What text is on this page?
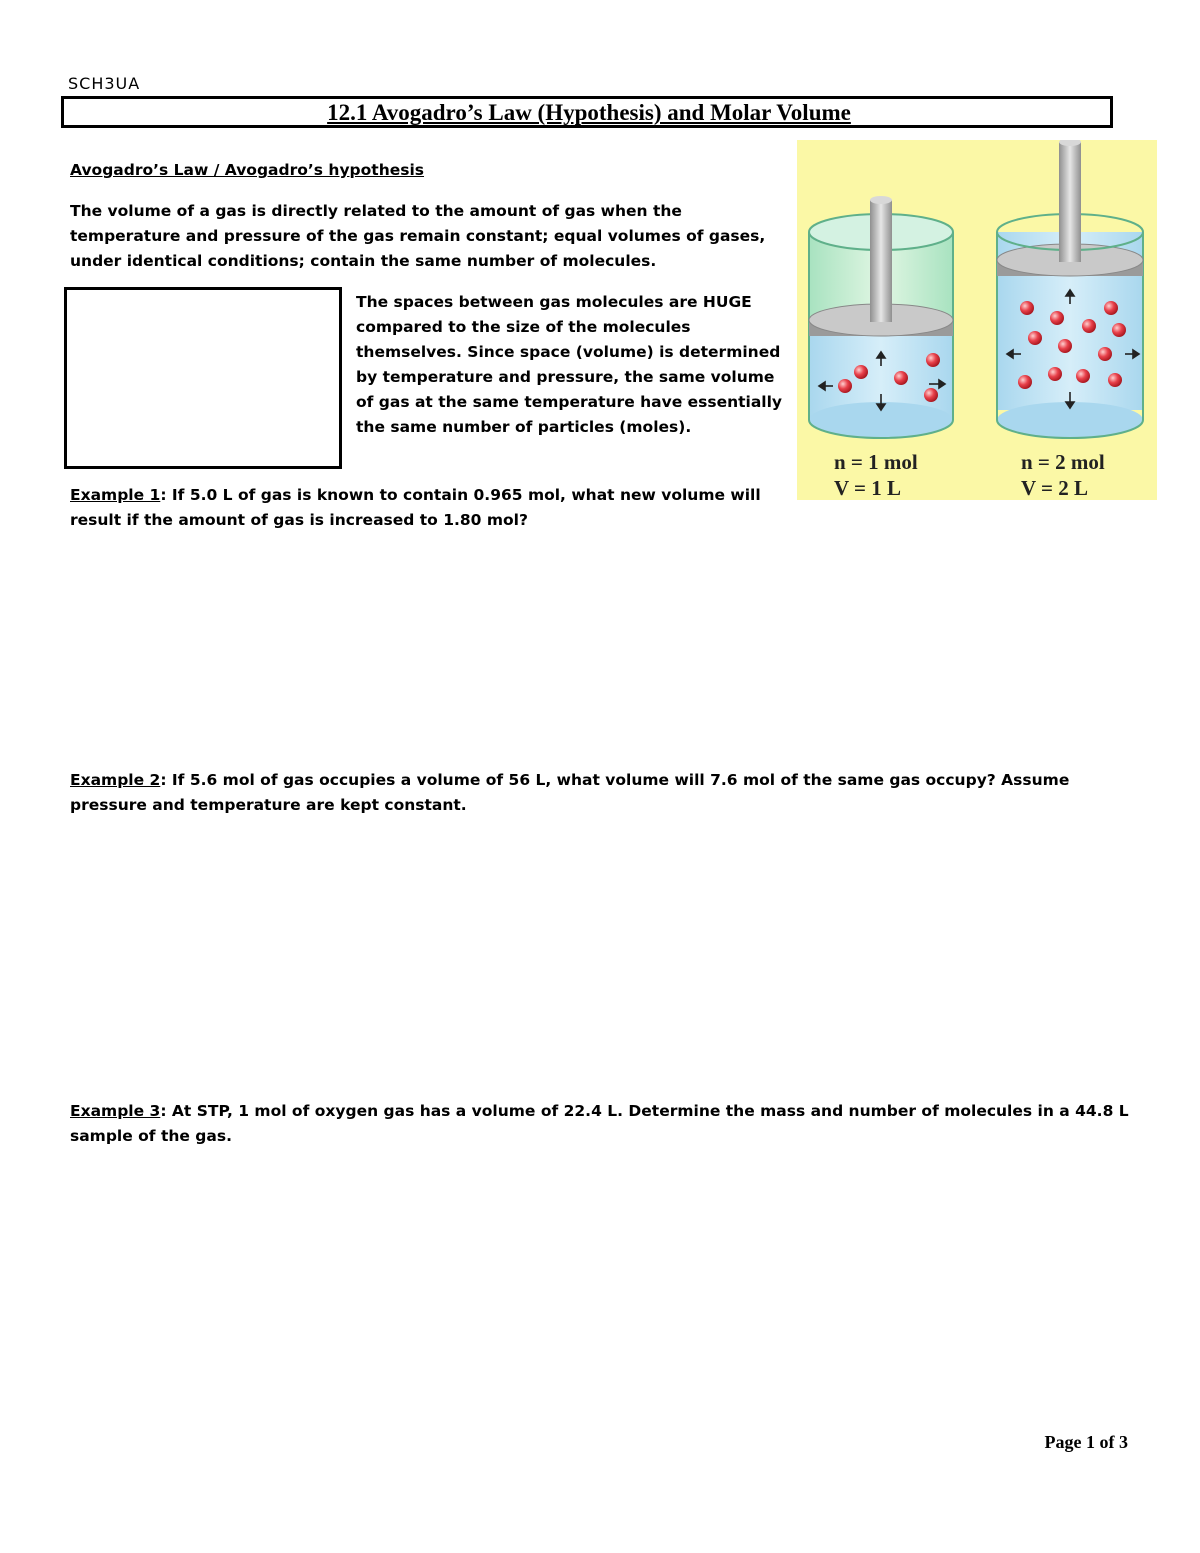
SCH3UA
12.1 Avogadro’s Law (Hypothesis) and Molar Volume
Avogadro’s Law / Avogadro’s hypothesis
The volume of a gas is directly related to the amount of gas when the temperature and pressure of the gas remain constant; equal volumes of gases, under identical conditions; contain the same number of molecules.
The spaces between gas molecules are HUGE compared to the size of the molecules themselves. Since space (volume) is determined by temperature and pressure, the same volume of gas at the same temperature have essentially the same number of particles (moles).
n = 1 mol
V = 1 L
n = 2 mol
V = 2 L
Example 1: If 5.0 L of gas is known to contain 0.965 mol, what new volume will result if the amount of gas is increased to 1.80 mol?
Example 2: If 5.6 mol of gas occupies a volume of 56 L, what volume will 7.6 mol of the same gas occupy? Assume pressure and temperature are kept constant.
Example 3: At STP, 1 mol of oxygen gas has a volume of 22.4 L. Determine the mass and number of molecules in a 44.8 L sample of the gas.
Page 1 of 3
